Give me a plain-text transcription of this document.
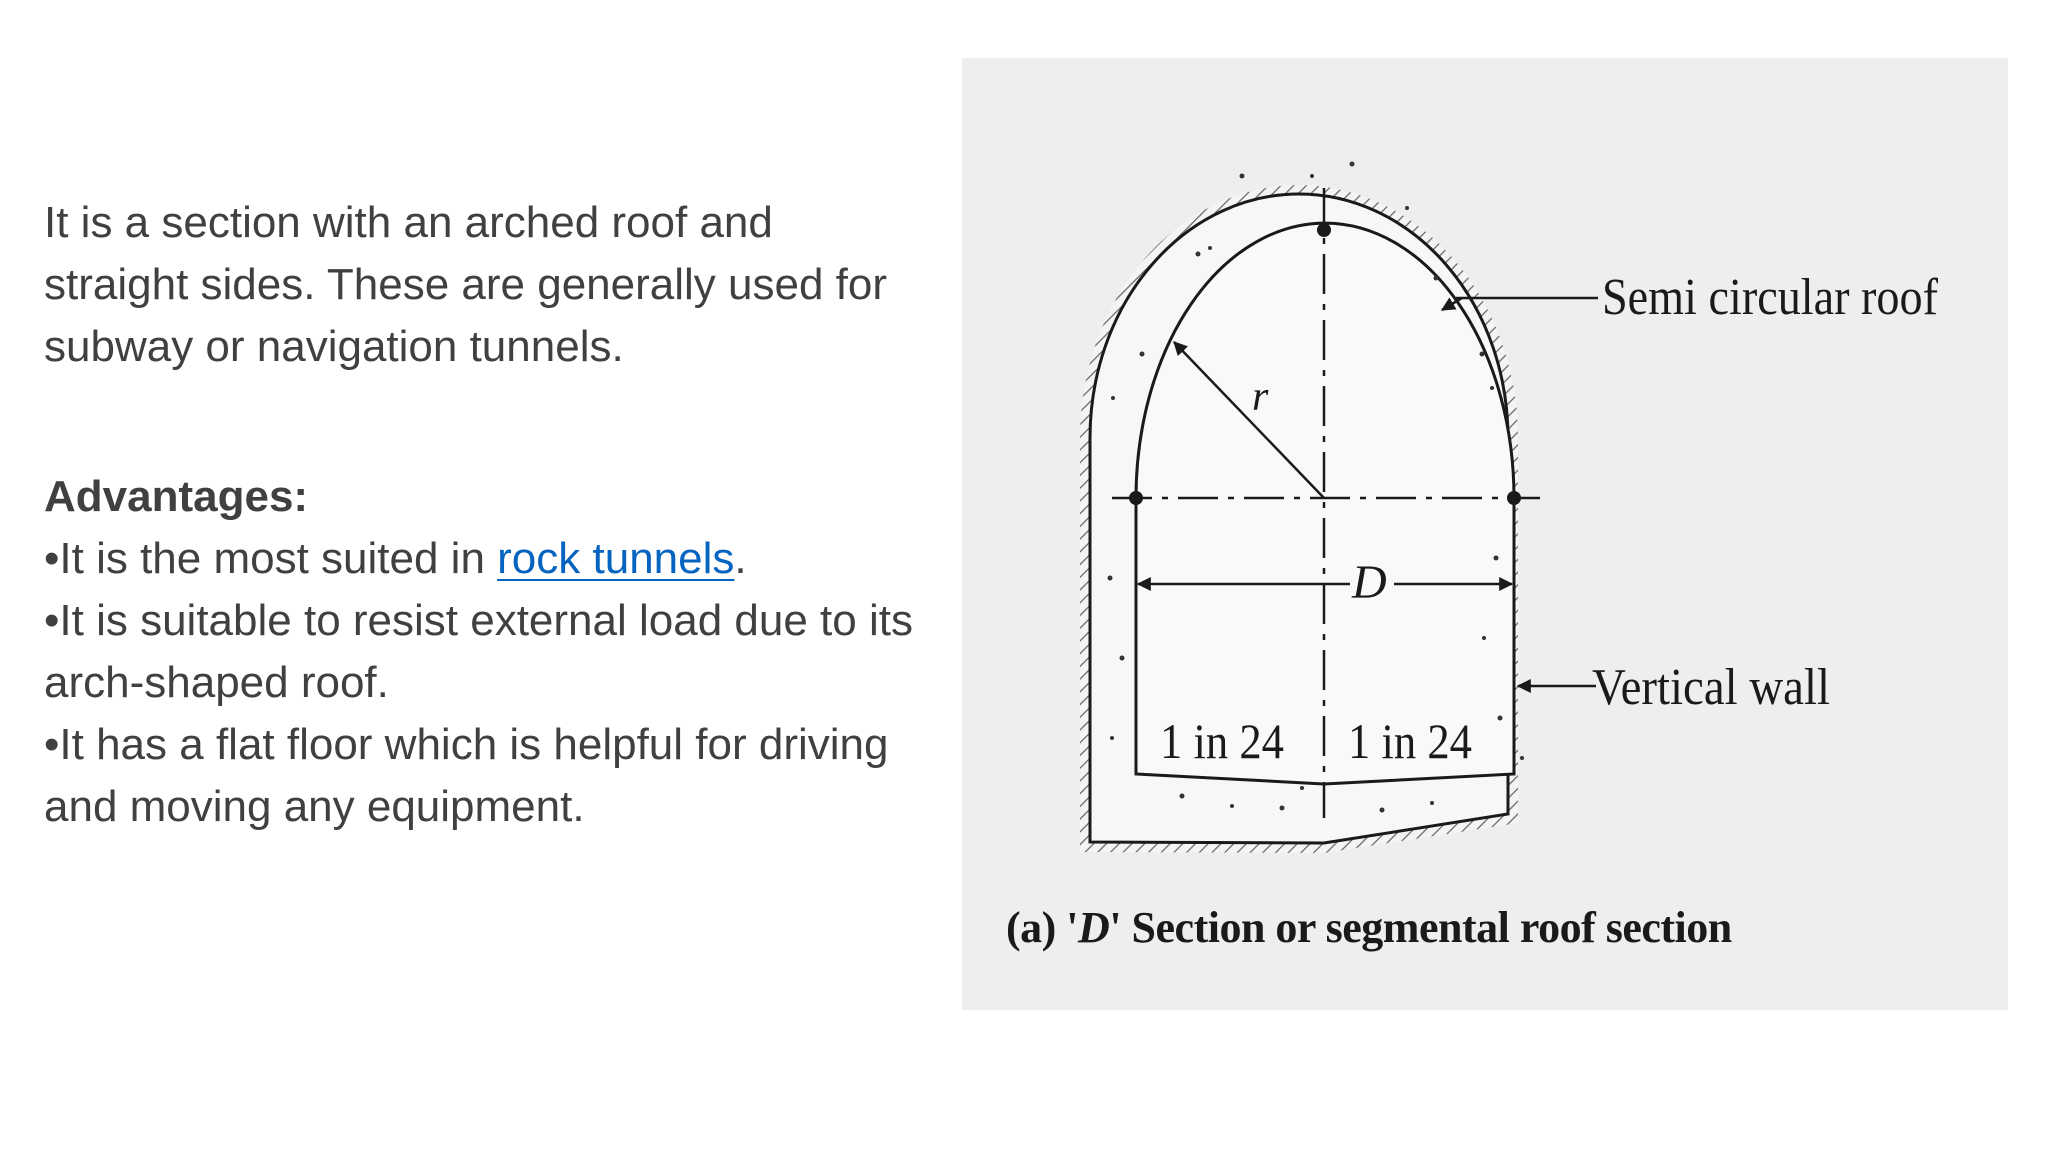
It is a section with an arched roof and straight sides. These are generally used for subway or navigation tunnels.

Advantages:

•It is the most suited in rock tunnels.

•It is suitable to resist external load due to its arch-shaped roof.

•It has a flat floor which is helpful for driving and moving any equipment.

r
D
1 in 24 1 in 24
Semi circular roof
Vertical wall

(a) 'D' Section or segmental roof section
